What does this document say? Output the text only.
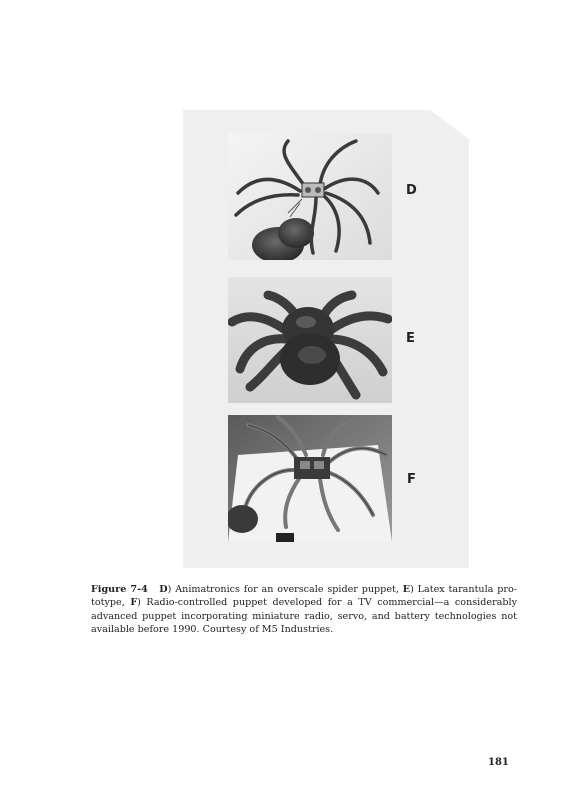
D
E
F
Figure 7-4 D) Animatronics for an overscale spider puppet, E) Latex tarantula pro-
totype, F) Radio-controlled puppet developed for a TV commercial—a considerably
advanced puppet incorporating miniature radio, servo, and battery technologies not
available before 1990. Courtesy of M5 Industries.
181
